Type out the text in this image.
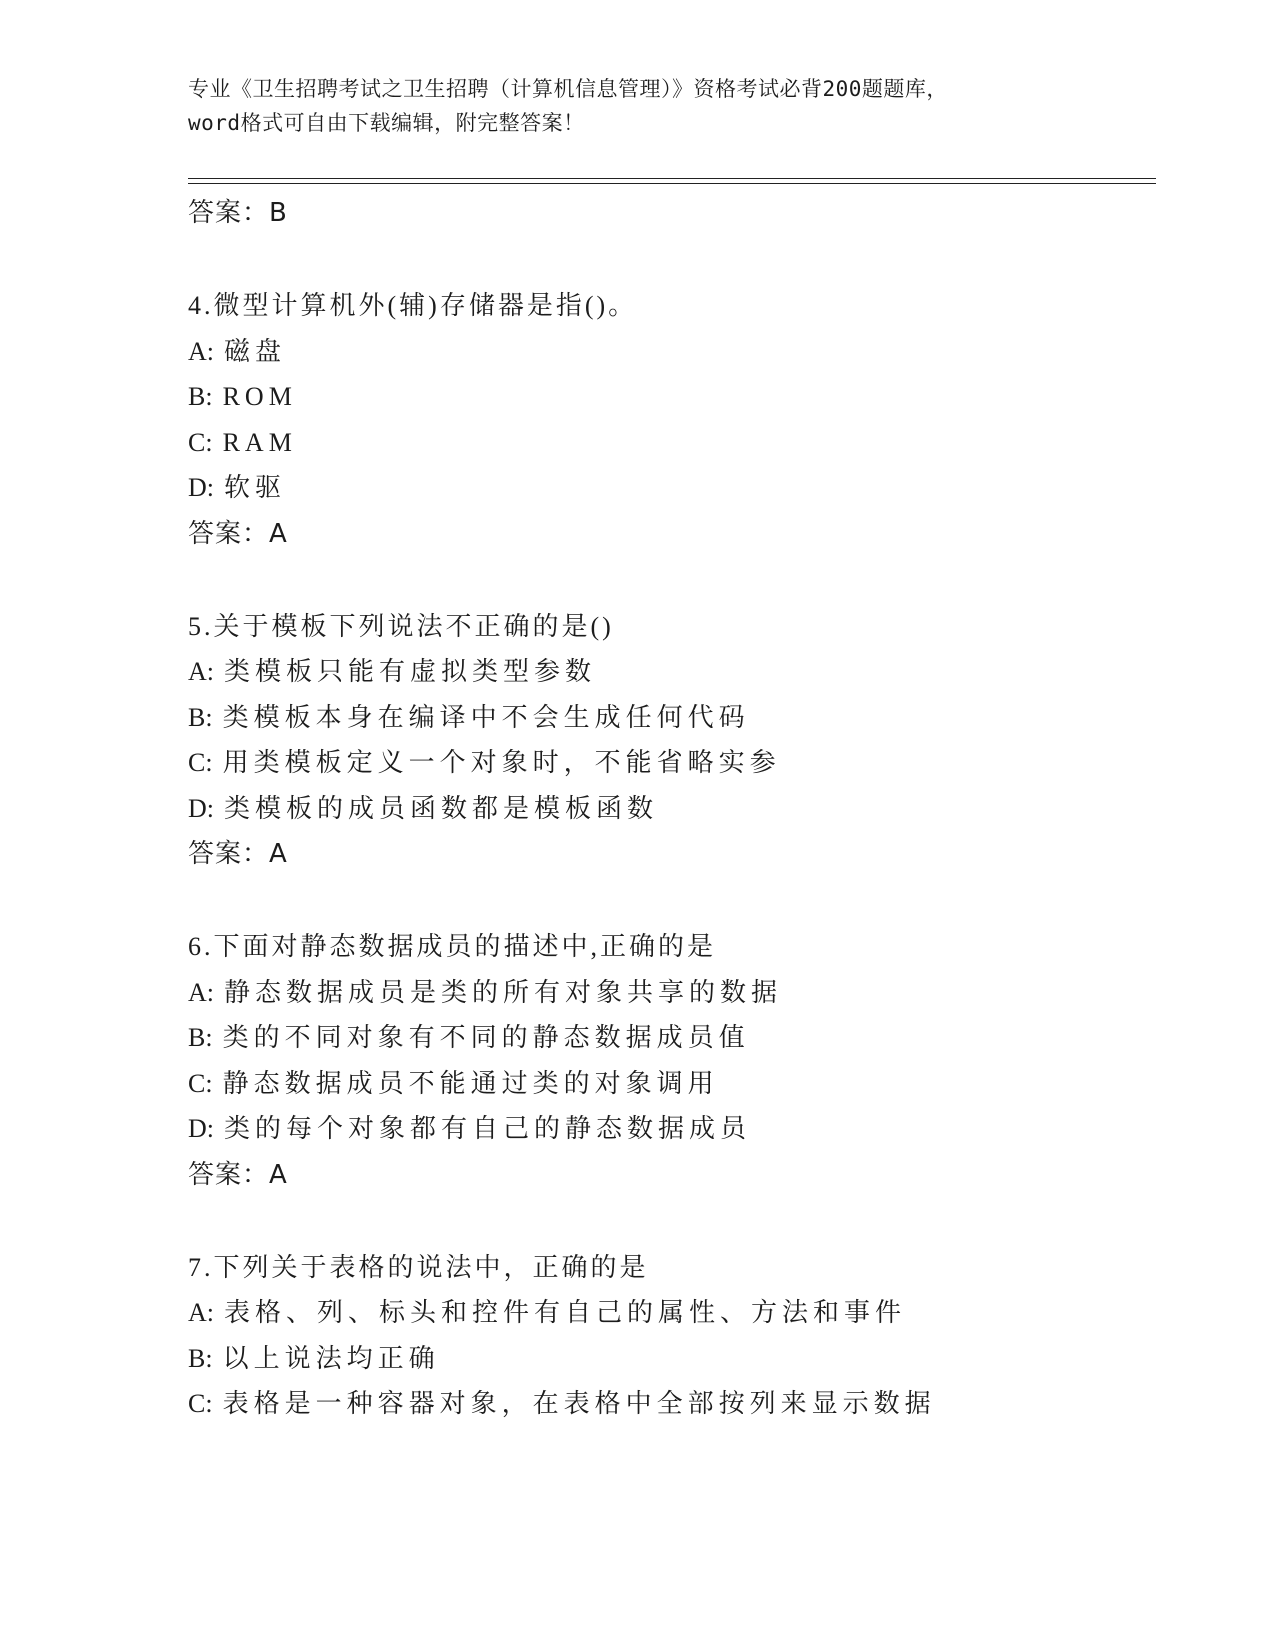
专业《卫生招聘考试之卫生招聘（计算机信息管理）》资格考试必背200题题库，
word格式可自由下载编辑，附完整答案！
答案：B
4.微型计算机外(辅)存储器是指()。
A: 磁盘
B: ROM
C: RAM
D: 软驱
答案：A
5.关于模板下列说法不正确的是()
A: 类模板只能有虚拟类型参数
B: 类模板本身在编译中不会生成任何代码
C: 用类模板定义一个对象时，不能省略实参
D: 类模板的成员函数都是模板函数
答案：A
6.下面对静态数据成员的描述中,正确的是
A: 静态数据成员是类的所有对象共享的数据
B: 类的不同对象有不同的静态数据成员值
C: 静态数据成员不能通过类的对象调用
D: 类的每个对象都有自己的静态数据成员
答案：A
7.下列关于表格的说法中，正确的是
A: 表格、列、标头和控件有自己的属性、方法和事件
B: 以上说法均正确
C: 表格是一种容器对象，在表格中全部按列来显示数据
